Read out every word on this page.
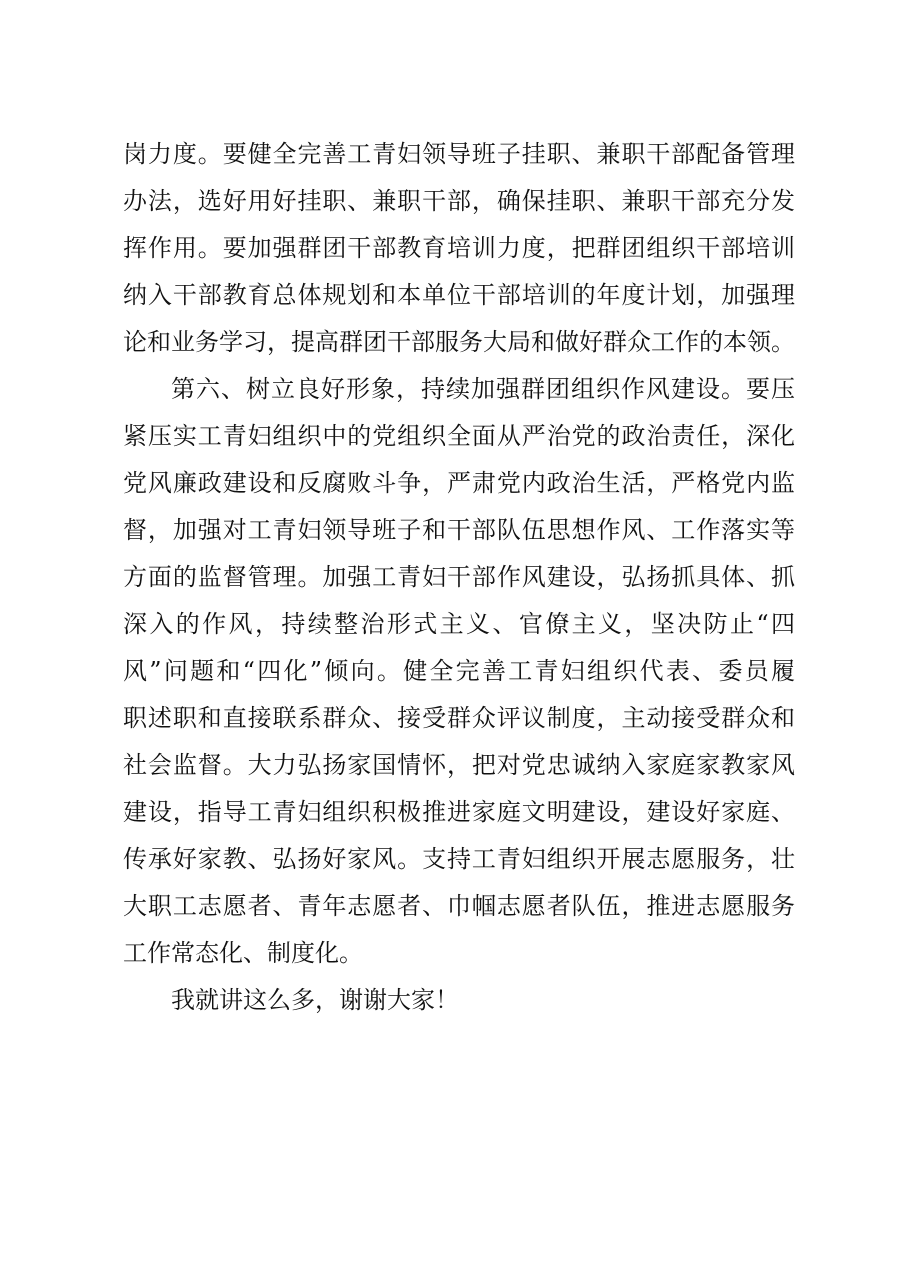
岗力度。要健全完善工青妇领导班子挂职、兼职干部配备管理
办法，选好用好挂职、兼职干部，确保挂职、兼职干部充分发
挥作用。要加强群团干部教育培训力度，把群团组织干部培训
纳入干部教育总体规划和本单位干部培训的年度计划，加强理
论和业务学习，提高群团干部服务大局和做好群众工作的本领。
第六、树立良好形象，持续加强群团组织作风建设。要压
紧压实工青妇组织中的党组织全面从严治党的政治责任，深化
党风廉政建设和反腐败斗争，严肃党内政治生活，严格党内监
督，加强对工青妇领导班子和干部队伍思想作风、工作落实等
方面的监督管理。加强工青妇干部作风建设，弘扬抓具体、抓
深入的作风，持续整治形式主义、官僚主义，坚决防止“四
风”问题和“四化”倾向。健全完善工青妇组织代表、委员履
职述职和直接联系群众、接受群众评议制度，主动接受群众和
社会监督。大力弘扬家国情怀，把对党忠诚纳入家庭家教家风
建设，指导工青妇组织积极推进家庭文明建设，建设好家庭、
传承好家教、弘扬好家风。支持工青妇组织开展志愿服务，壮
大职工志愿者、青年志愿者、巾帼志愿者队伍，推进志愿服务
工作常态化、制度化。
我就讲这么多，谢谢大家！
